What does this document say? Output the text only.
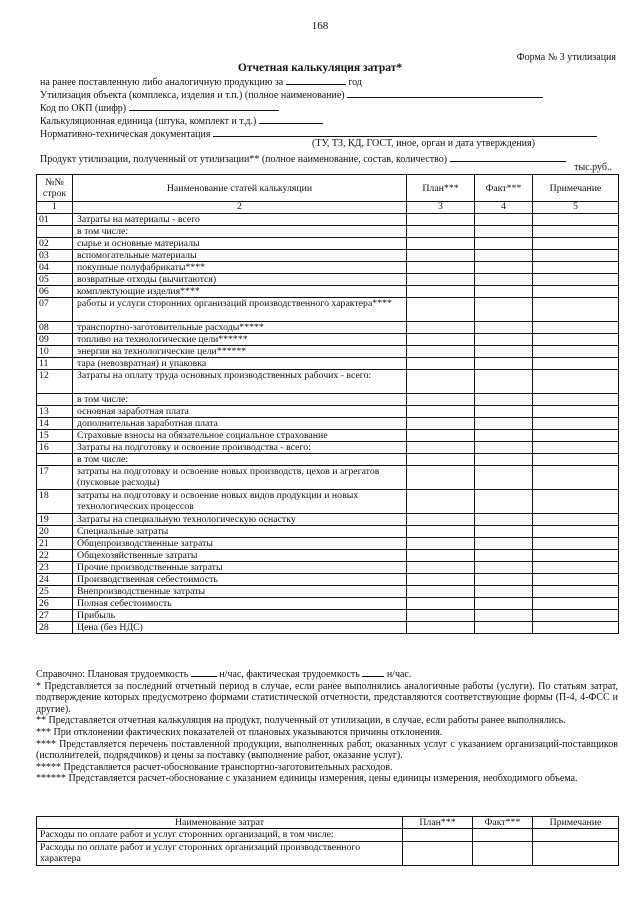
168
Форма № 3 утилизация
Отчетная калькуляция затрат*
на ранее поставленную либо аналогичную продукцию за	год
Утилизация объекта (комплекса, изделия и т.п.) (полное наименование)
Код по ОКП (шифр)
Калькуляционная единица (штука, комплект и т.д.)
Нормативно-техническая документация
(ТУ, ТЗ, КД, ГОСТ, иное, орган и дата утверждения)
Продукт утилизации, полученный от утилизации** (полное наименование, состав, количество)
тыс.руб..
№№ строк	Наименование статей калькуляции	План***	Факт***	Примечание
1	2	3	4	5
01	Затраты на материалы - всего			
	в том числе:			
02	сырье и основные материалы			
03	вспомогательные материалы			
04	покупные полуфабрикаты****			
05	возвратные отходы (вычитаются)			
06	комплектующие изделия****			
07	работы и услуги сторонних организаций производственного характера****			
08	транспортно-заготовительные расходы*****			
09	топливо на технологические цели******			
10	энергия на технологические цели******			
11	тара (невозвратная) и упаковка			
12	Затраты на оплату труда основных производственных рабочих - всего:			
	в том числе:			
13	основная заработная плата			
14	дополнительная заработная плата			
15	Страховые взносы на обязательное социальное страхование			
16	Затраты на подготовку и освоение производства - всего:			
	в том числе:			
17	затраты на подготовку и освоение новых производств, цехов и агрегатов (пусковые расходы)			
18	затраты на подготовку и освоение новых видов продукции и новых технологических процессов			
19	Затраты на специальную технологическую оснастку			
20	Специальные затраты			
21	Общепроизводственные затраты			
22	Общехозяйственные затраты			
23	Прочие производственные затраты			
24	Производственная себестоимость			
25	Внепроизводственные затраты			
26	Полная себестоимость			
27	Прибыль			
28	Цена (без НДС)			

Справочно: Плановая трудоемкость	н/час, фактическая трудоемкость	н/час.

* Представляется за последний отчетный период в случае, если ранее выполнялись аналогичные работы (услуги). По статьям затрат, подтверждение которых предусмотрено формами статистической отчетности, представляются соответствующие формы (П-4, 4-ФСС и другие).

** Представляется отчетная калькуляция на продукт, полученный от утилизации, в случае, если работы ранее выполнялись.

*** При отклонении фактических показателей от плановых указываются причины отклонения.

**** Представляется перечень поставленной продукции, выполненных работ, оказанных услуг с указанием организаций-поставщиков (исполнителей, подрядчиков) и цены за поставку (выполнение работ, оказание услуг).

***** Представляется расчет-обоснование транспортно-заготовительных расходов.

****** Представляется расчет-обоснование с указанием единицы измерения, цены единицы измерения, необходимого объема.

Наименование затрат	План***	Факт***	Примечание
Расходы по оплате работ и услуг сторонних организаций, в том числе:			
Расходы по оплате работ и услуг сторонних организаций производственного характера			
